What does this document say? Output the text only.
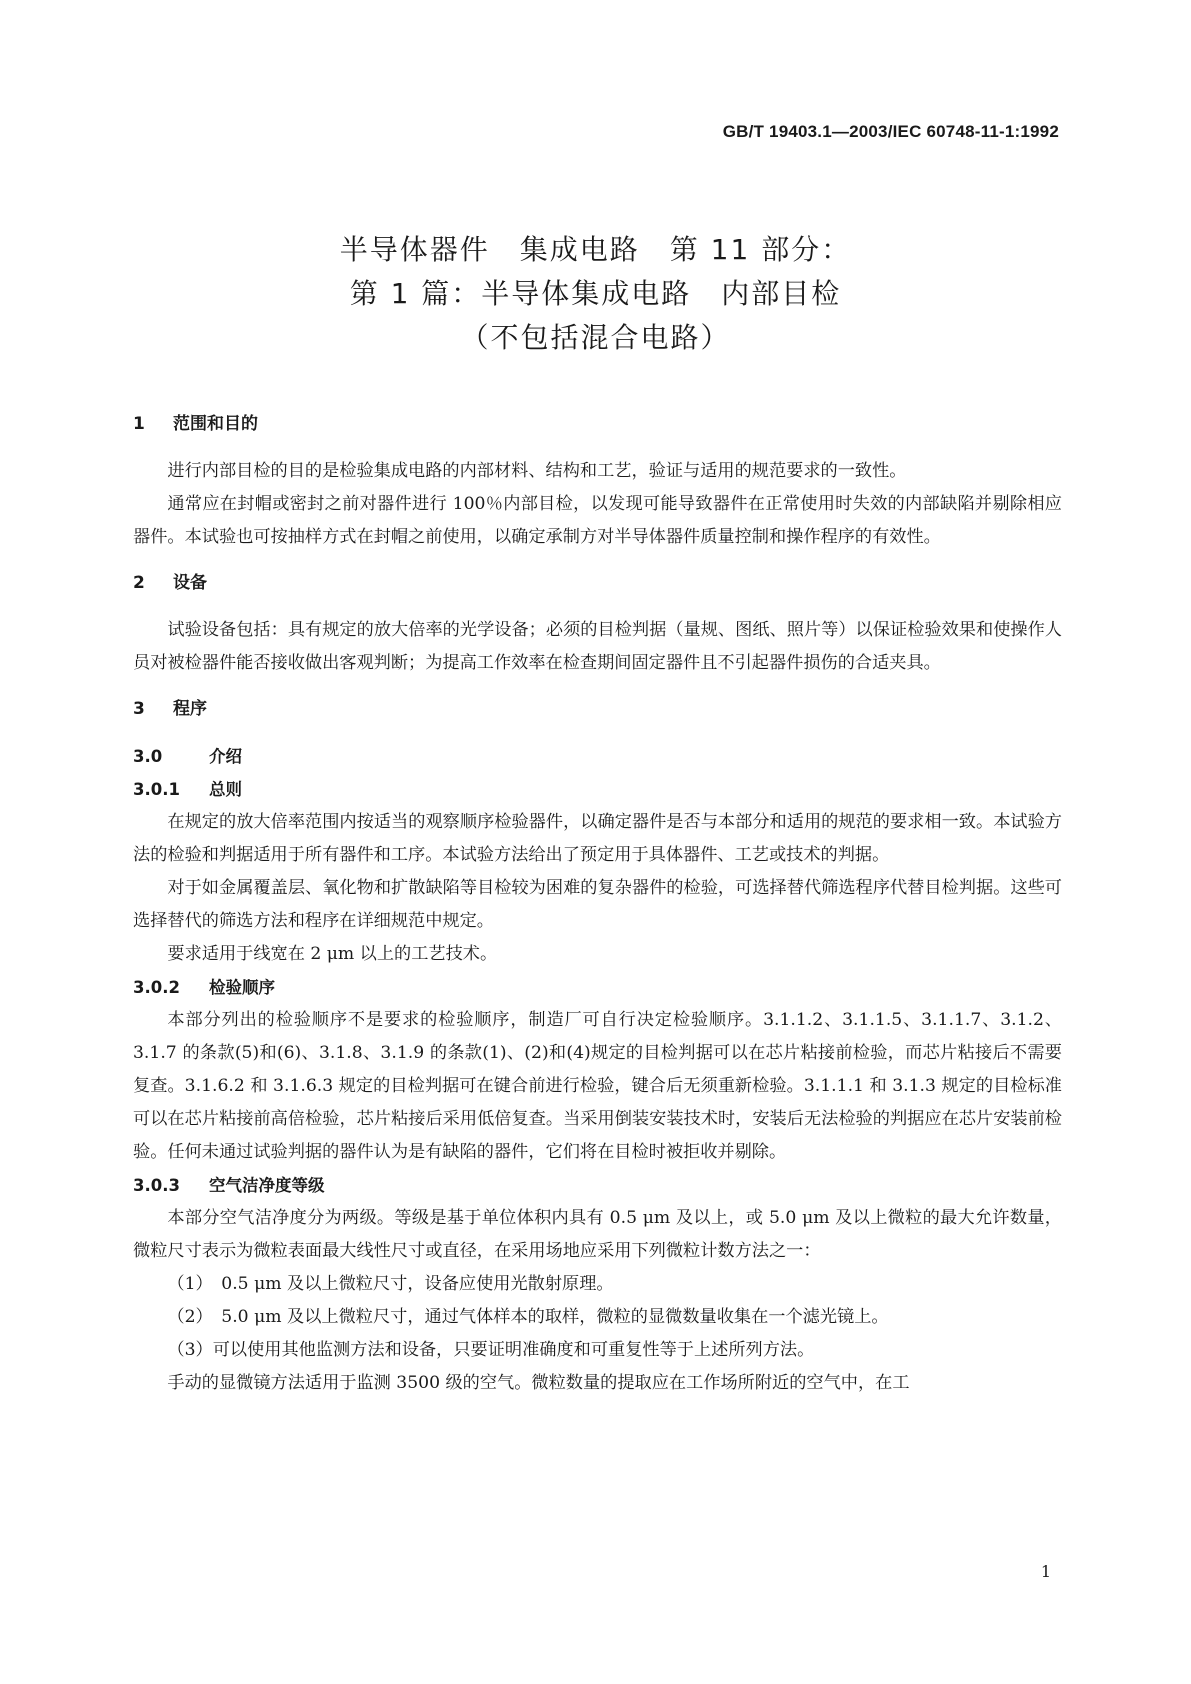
GB/T 19403.1—2003/IEC 60748-11-1:1992
半导体器件　集成电路　第 11 部分：
第 1 篇：半导体集成电路　内部目检
（不包括混合电路）
1 范围和目的

进行内部目检的目的是检验集成电路的内部材料、结构和工艺，验证与适用的规范要求的一致性。

通常应在封帽或密封之前对器件进行 100％内部目检，以发现可能导致器件在正常使用时失效的内部缺陷并剔除相应器件。本试验也可按抽样方式在封帽之前使用，以确定承制方对半导体器件质量控制和操作程序的有效性。

2 设备

试验设备包括：具有规定的放大倍率的光学设备；必须的目检判据（量规、图纸、照片等）以保证检验效果和使操作人员对被检器件能否接收做出客观判断；为提高工作效率在检查期间固定器件且不引起器件损伤的合适夹具。

3 程序
3.0	介绍
3.0.1 总则

在规定的放大倍率范围内按适当的观察顺序检验器件，以确定器件是否与本部分和适用的规范的要求相一致。本试验方法的检验和判据适用于所有器件和工序。本试验方法给出了预定用于具体器件、工艺或技术的判据。

对于如金属覆盖层、氧化物和扩散缺陷等目检较为困难的复杂器件的检验，可选择替代筛选程序代替目检判据。这些可选择替代的筛选方法和程序在详细规范中规定。

要求适用于线宽在 2 μm 以上的工艺技术。

3.0.2 检验顺序

本部分列出的检验顺序不是要求的检验顺序，制造厂可自行决定检验顺序。3.1.1.2、3.1.1.5、3.1.1.7、3.1.2、3.1.7 的条款(5)和(6)、3.1.8、3.1.9 的条款(1)、(2)和(4)规定的目检判据可以在芯片粘接前检验，而芯片粘接后不需要复查。3.1.6.2 和 3.1.6.3 规定的目检判据可在键合前进行检验，键合后无须重新检验。3.1.1.1 和 3.1.3 规定的目检标准可以在芯片粘接前高倍检验，芯片粘接后采用低倍复查。当采用倒装安装技术时，安装后无法检验的判据应在芯片安装前检验。任何未通过试验判据的器件认为是有缺陷的器件，它们将在目检时被拒收并剔除。

3.0.3 空气洁净度等级

本部分空气洁净度分为两级。等级是基于单位体积内具有 0.5 μm 及以上，或 5.0 μm 及以上微粒的最大允许数量，微粒尺寸表示为微粒表面最大线性尺寸或直径，在采用场地应采用下列微粒计数方法之一：

（1）　0.5 μm 及以上微粒尺寸，设备应使用光散射原理。
（2）　5.0 μm 及以上微粒尺寸，通过气体样本的取样，微粒的显微数量收集在一个滤光镜上。
（3）可以使用其他监测方法和设备，只要证明准确度和可重复性等于上述所列方法。

手动的显微镜方法适用于监测 3500 级的空气。微粒数量的提取应在工作场所附近的空气中，在工

1
